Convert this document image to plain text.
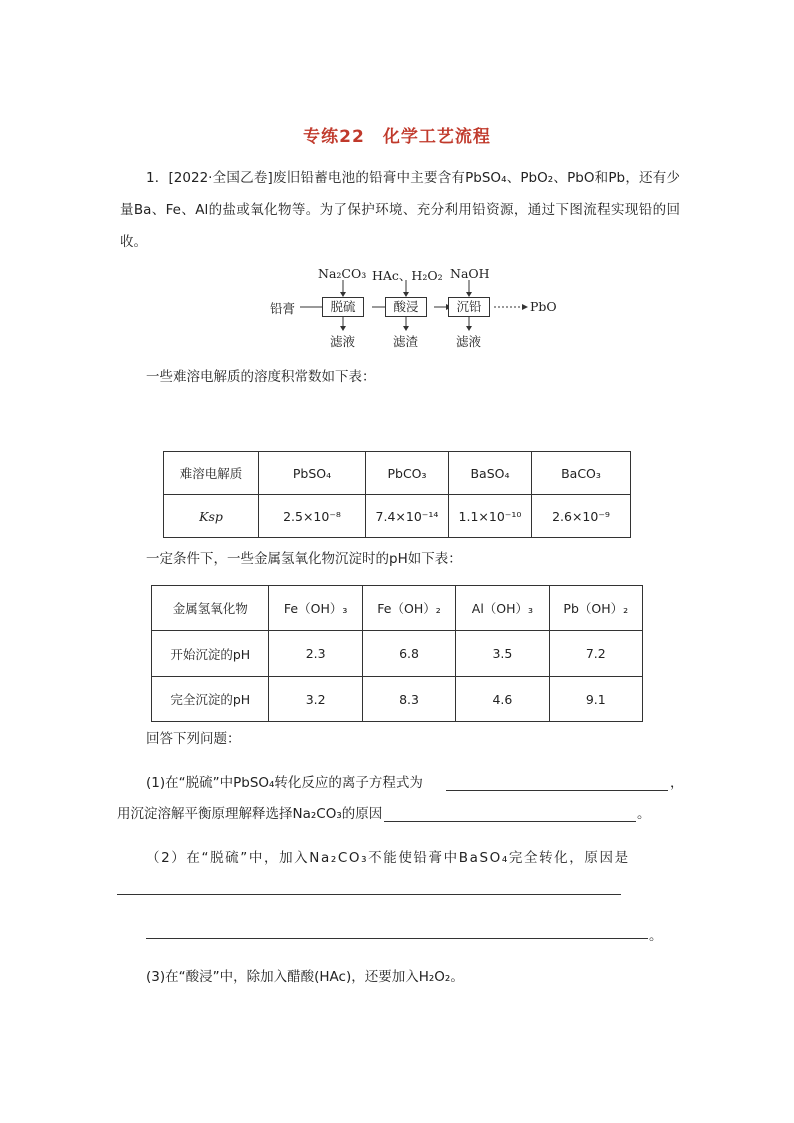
专练22　化学工艺流程
1．[2022·全国乙卷]废旧铅蓄电池的铅膏中主要含有PbSO₄、PbO₂、PbO和Pb，还有少量Ba、Fe、Al的盐或氧化物等。为了保护环境、充分利用铅资源，通过下图流程实现铅的回收。
铅膏
Na₂CO₃ HAc、H₂O₂ NaOH
脱硫	酸浸	沉铅	PbO
滤液	滤渣	滤液
一些难溶电解质的溶度积常数如下表：
难溶电解质	PbSO₄	PbCO₃	BaSO₄	BaCO₃
Ksp	2.5×10⁻⁸	7.4×10⁻¹⁴	1.1×10⁻¹⁰	2.6×10⁻⁹
一定条件下，一些金属氢氧化物沉淀时的pH如下表：
金属氢氧化物	Fe（OH）₃	Fe（OH）₂	Al（OH）₃	Pb（OH）₂
开始沉淀的pH	2.3	6.8	3.5	7.2
完全沉淀的pH	3.2	8.3	4.6	9.1
回答下列问题：
(1)在“脱硫”中PbSO₄转化反应的离子方程式为	，
用沉淀溶解平衡原理解释选择Na₂CO₃的原因	。
（2）在“脱硫”中，加入Na₂CO₃不能使铅膏中BaSO₄完全转化，原因是
。
(3)在“酸浸”中，除加入醋酸(HAc)，还要加入H₂O₂。
